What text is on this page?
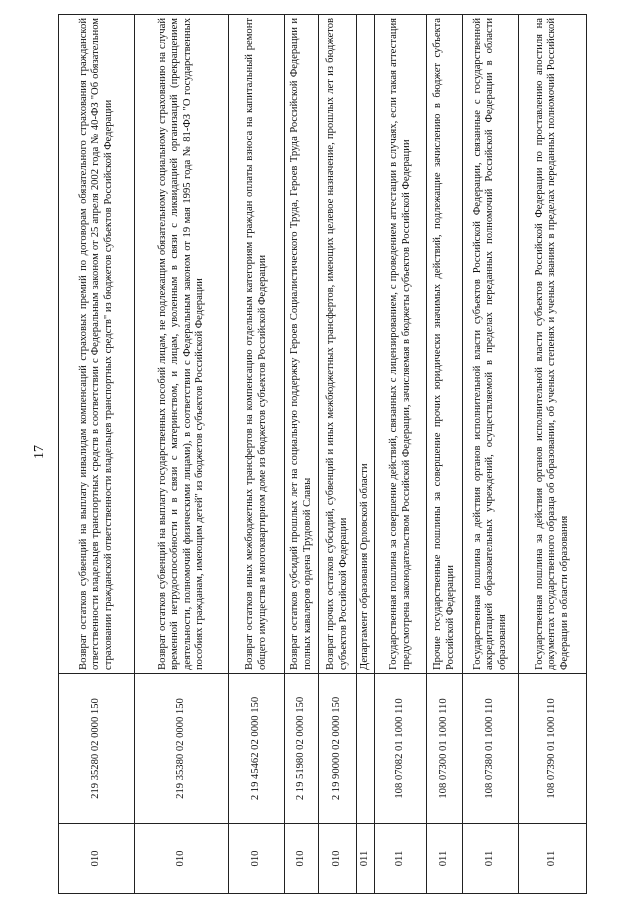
17
010	219 35280 02 0000 150	Возврат остатков субвенций на выплату инвалидам компенсаций страховых премий по договорам обязательного страхования гражданской ответственности владельцев транспортных средств в соответствии с Федеральным законом от 25 апреля 2002 года № 40-ФЗ "Об обязательном страховании гражданской ответственности владельцев транспортных средств" из бюджетов субъектов Российской Федерации
010	219 35380 02 0000 150	Возврат остатков субвенций на выплату государственных пособий лицам, не подлежащим обязательному социальному страхованию на случай временной нетрудоспособности и в связи с материнством, и лицам, уволенным в связи с ликвидацией организаций (прекращением деятельности, полномочий физическими лицами), в соответствии с Федеральным законом от 19 мая 1995 года № 81-ФЗ "О государственных пособиях гражданам, имеющим детей" из бюджетов субъектов Российской Федерации
010	2 19 45462 02 0000 150	Возврат остатков иных межбюджетных трансфертов на компенсацию отдельным категориям граждан оплаты взноса на капитальный ремонт общего имущества в многоквартирном доме из бюджетов субъектов Российской Федерации
010	2 19 51980 02 0000 150	Возврат остатков субсидий прошлых лет на социальную поддержку Героев Социалистического Труда, Героев Труда Российской Федерации и полных кавалеров ордена Трудовой Славы
010	2 19 90000 02 0000 150	Возврат прочих остатков субсидий, субвенций и иных межбюджетных трансфертов, имеющих целевое назначение, прошлых лет из бюджетов субъектов Российской Федерации
011		Департамент образования Орловской области
011	108 07082 01 1000 110	Государственная пошлина за совершение действий, связанных с лицензированием, с проведением аттестации в случаях, если такая аттестация предусмотрена законодательством Российской Федерации, зачисляемая в бюджеты субъектов Российской Федерации
011	108 07300 01 1000 110	Прочие государственные пошлины за совершение прочих юридически значимых действий, подлежащие зачислению в бюджет субъекта Российской Федерации
011	108 07380 01 1000 110	Государственная пошлина за действия органов исполнительной власти субъектов Российской Федерации, связанные с государственной аккредитацией образовательных учреждений, осуществляемой в пределах переданных полномочий Российской Федерации в области образования
011	108 07390 01 1000 110	Государственная пошлина за действия органов исполнительной власти субъектов Российской Федерации по проставлению апостиля на документах государственного образца об образовании, об ученых степенях и ученых званиях в пределах переданных полномочий Российской Федерации в области образования
